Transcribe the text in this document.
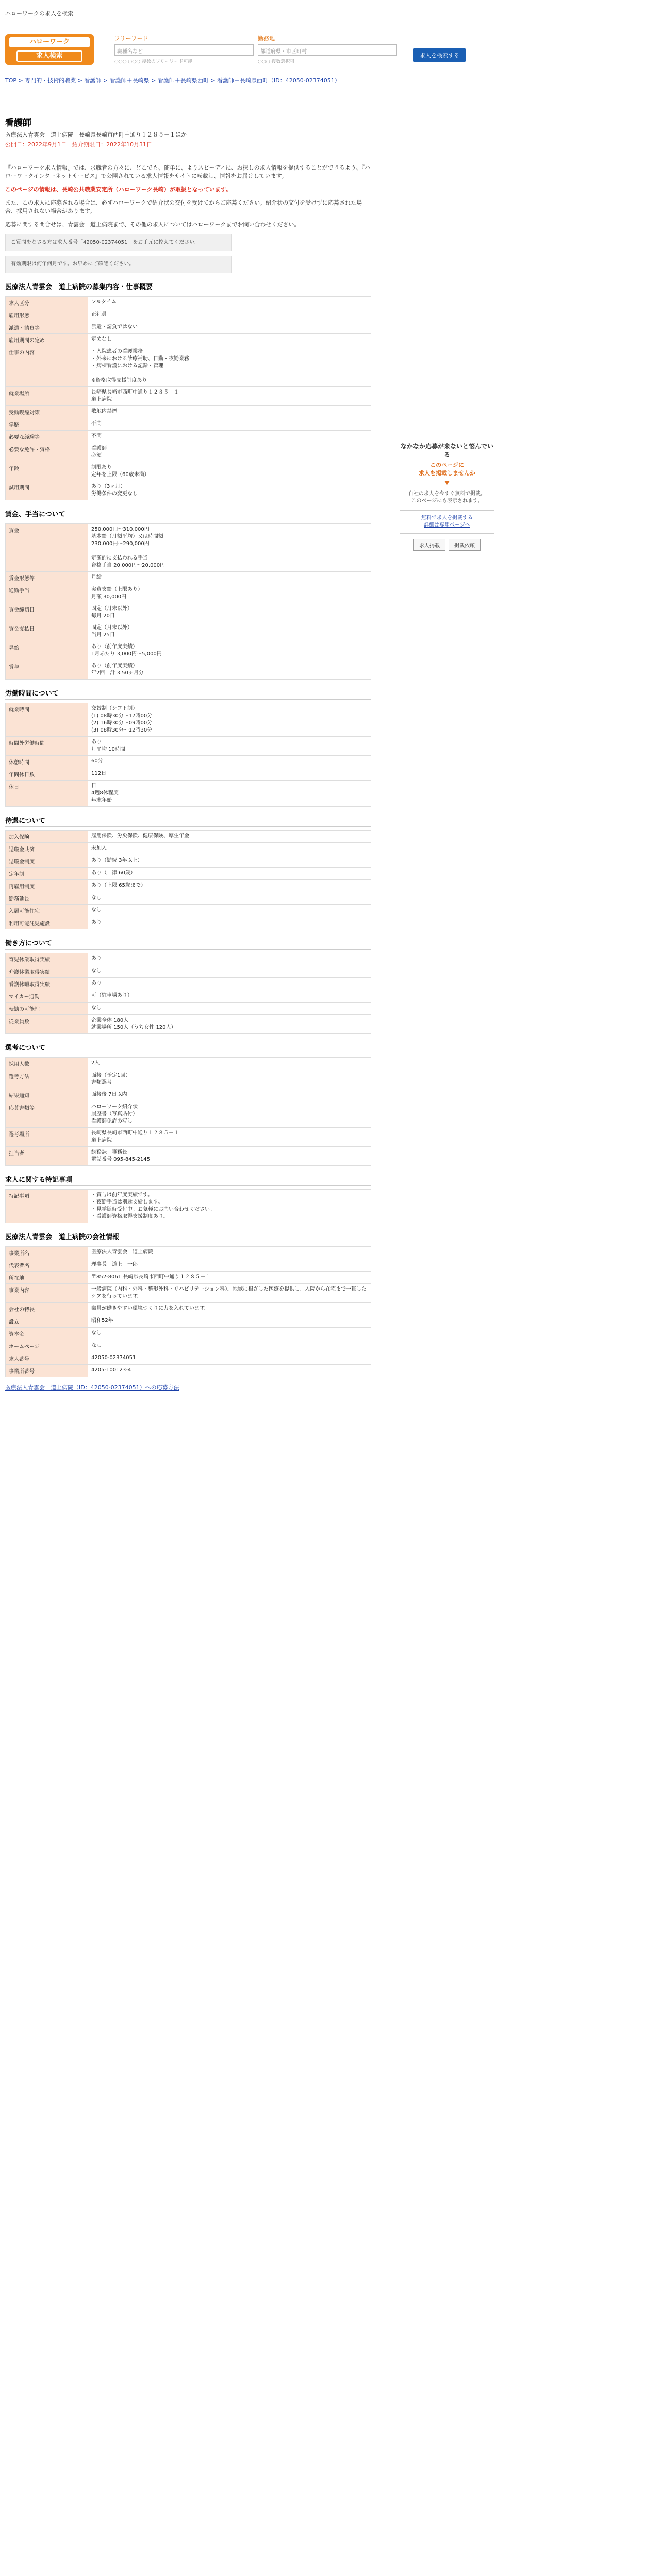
ハローワークの求人を検索
ハローワーク
求人検索
フリーワード
職種名など
○○○ ○○○ 複数のフリーワード可能
勤務地
都道府県・市区町村
○○○ 複数選択可
求人を検索する
TOP > 専門的・技術的職業 > 看護師 > 看護師＋長崎県 > 看護師＋長崎県西町 > 看護師＋長崎県西町（ID：42050-02374051）
看護師
医療法人青雲会　道上病院　長崎県長崎市西町中通り１２８５－１ほか
公開日：2022年9月1日　紹介期限日：2022年10月31日

『ハローワーク求人情報』では、求職者の方々に、どこでも、簡単に、よりスピーディに、お探しの求人情報を提供することができるよう、『ハローワークインターネットサービス』で公開されている求人情報をサイトに転載し、情報をお届けしています。

このページの情報は、長崎公共職業安定所（ハローワーク長崎）が取扱となっています。

また、この求人に応募される場合は、必ずハローワークで紹介状の交付を受けてからご応募ください。紹介状の交付を受けずに応募された場合、採用されない場合があります。

応募に関する問合せは、青雲会　道上病院まで、その他の求人についてはハローワークまでお問い合わせください。

ご質問をなさる方は求人番号「42050-02374051」をお手元に控えてください。
有効期限は何年何月です。お早めにご確認ください。
医療法人青雲会　道上病院の募集内容・仕事概要
求人区分	フルタイム
雇用形態	正社員
派遣・請負等	派遣・請負ではない
雇用期間の定め	定めなし
仕事の内容	・入院患者の看護業務
・外来における診療補助、日勤・夜勤業務
・病棟看護における記録・管理

※資格取得支援制度あり
就業場所	長崎県長崎市西町中通り１２８５－１
道上病院
受動喫煙対策	敷地内禁煙
学歴	不問
必要な経験等	不問
必要な免許・資格	看護師
必須
年齢	制限あり
定年を上限（60歳未満）
試用期間	あり（3ヶ月）
労働条件の変更なし
賃金、手当について
賃金	250,000円〜310,000円
基本給（月額平均）又は時間額
230,000円〜290,000円

定額的に支払われる手当
資格手当 20,000円〜20,000円
賃金形態等	月給
通勤手当	実費支給（上限あり）
月額 30,000円
賃金締切日	固定（月末以外）
毎月 20日
賃金支払日	固定（月末以外）
当月 25日
昇給	あり（前年度実績）
1月あたり 3,000円〜5,000円
賞与	あり（前年度実績）
年2回　計 3.50ヶ月分
労働時間について
就業時間	交替制（シフト制）
(1) 08時30分〜17時00分
(2) 16時30分〜09時00分
(3) 08時30分〜12時30分
時間外労働時間	あり
月平均 10時間
休憩時間	60分
年間休日数	112日
休日	日
4週8休程度
年末年始
待遇について
加入保険	雇用保険、労災保険、健康保険、厚生年金
退職金共済	未加入
退職金制度	あり（勤続 3年以上）
定年制	あり（一律 60歳）
再雇用制度	あり（上限 65歳まで）
勤務延長	なし
入居可能住宅	なし
利用可能託児施設	あり
働き方について
育児休業取得実績	あり
介護休業取得実績	なし
看護休暇取得実績	あり
マイカー通勤	可（駐車場あり）
転勤の可能性	なし
従業員数	企業全体 180人
就業場所 150人（うち女性 120人）
選考について
採用人数	2人
選考方法	面接（予定1回）
書類選考
結果通知	面接後 7日以内
応募書類等	ハローワーク紹介状
履歴書（写真貼付）
看護師免許の写し
選考場所	長崎県長崎市西町中通り１２８５－１
道上病院
担当者	総務課　事務長
電話番号 095-845-2145
求人に関する特記事項
特記事項	・賞与は前年度実績です。
・夜勤手当は別途支給します。
・見学随時受付中。お気軽にお問い合わせください。
・看護師資格取得支援制度あり。
医療法人青雲会　道上病院の会社情報
事業所名	医療法人青雲会　道上病院
代表者名	理事長　道上　一郎
所在地	〒852-8061 長崎県長崎市西町中通り１２８５－１
事業内容	一般病院（内科・外科・整形外科・リハビリテーション科）。地域に根ざした医療を提供し、入院から在宅まで一貫したケアを行っています。
会社の特長	職員が働きやすい環境づくりに力を入れています。
設立	昭和52年
資本金	なし
ホームページ	なし
求人番号	42050-02374051
事業所番号	4205-100123-4
医療法人青雲会　道上病院（ID：42050-02374051）への応募方法
なかなか応募が来ないと悩んでいる
このページに
求人を掲載しませんか
自社の求人を今すぐ無料で掲載。
このページにも表示されます。
無料で求人を掲載する
詳細は専用ページへ
求人掲載	掲載依頼
